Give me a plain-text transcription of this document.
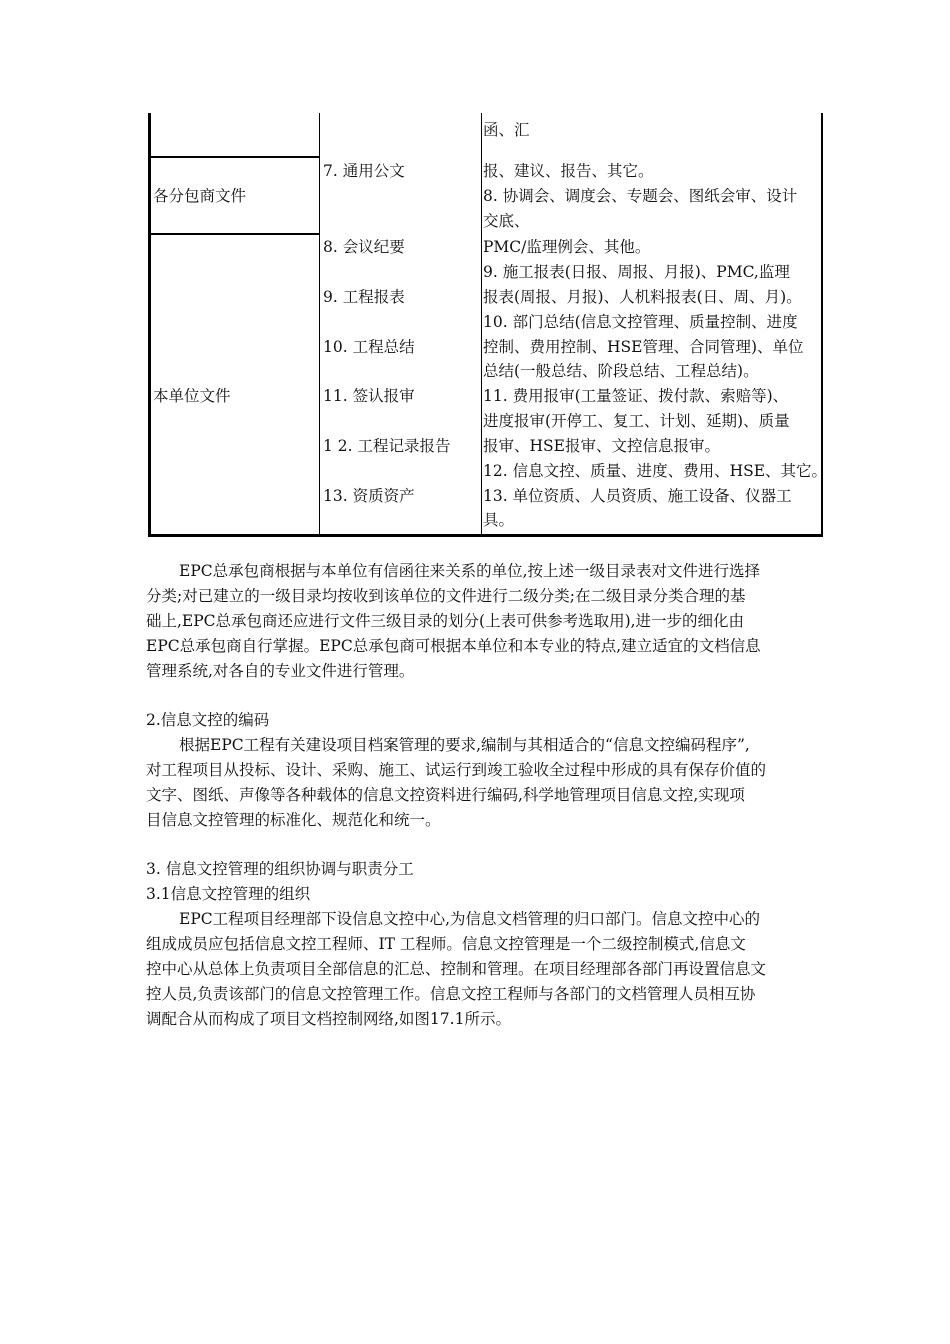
各分包商文件
本单位文件
7. 通用公文
8. 会议纪要
9. 工程报表
10. 工程总结
11. 签认报审
1 2. 工程记录报告
13. 资质资产
函、汇
报、建议、报告、其它。
8. 协调会、调度会、专题会、图纸会审、设计
交底、
PMC/监理例会、其他。
9. 施工报表(日报、周报、月报)、PMC,监理
报表(周报、月报)、人机料报表(日、周、月)。
10. 部门总结(信息文控管理、质量控制、进度
控制、费用控制、HSE管理、合同管理)、单位
总结(一般总结、阶段总结、工程总结)。
11. 费用报审(工量签证、拨付款、索赔等)、
进度报审(开停工、复工、计划、延期)、质量
报审、HSE报审、文控信息报审。
12. 信息文控、质量、进度、费用、HSE、其它。
13. 单位资质、人员资质、施工设备、仪器工
具。
EPC总承包商根据与本单位有信函往来关系的单位,按上述一级目录表对文件进行选择
分类;对已建立的一级目录均按收到该单位的文件进行二级分类;在二级目录分类合理的基
础上,EPC总承包商还应进行文件三级目录的划分(上表可供参考选取用),进一步的细化由
EPC总承包商自行掌握。EPC总承包商可根据本单位和本专业的特点,建立适宜的文档信息
管理系统,对各自的专业文件进行管理。
2.信息文控的编码
根据EPC工程有关建设项目档案管理的要求,编制与其相适合的“信息文控编码程序”,
对工程项目从投标、设计、采购、施工、试运行到竣工验收全过程中形成的具有保存价值的
文字、图纸、声像等各种载体的信息文控资料进行编码,科学地管理项目信息文控,实现项
目信息文控管理的标准化、规范化和统一。
3. 信息文控管理的组织协调与职责分工
3.1信息文控管理的组织
EPC工程项目经理部下设信息文控中心,为信息文档管理的归口部门。信息文控中心的
组成成员应包括信息文控工程师、IT 工程师。信息文控管理是一个二级控制模式,信息文
控中心从总体上负责项目全部信息的汇总、控制和管理。在项目经理部各部门再设置信息文
控人员,负责该部门的信息文控管理工作。信息文控工程师与各部门的文档管理人员相互协
调配合从而构成了项目文档控制网络,如图17.1所示。
